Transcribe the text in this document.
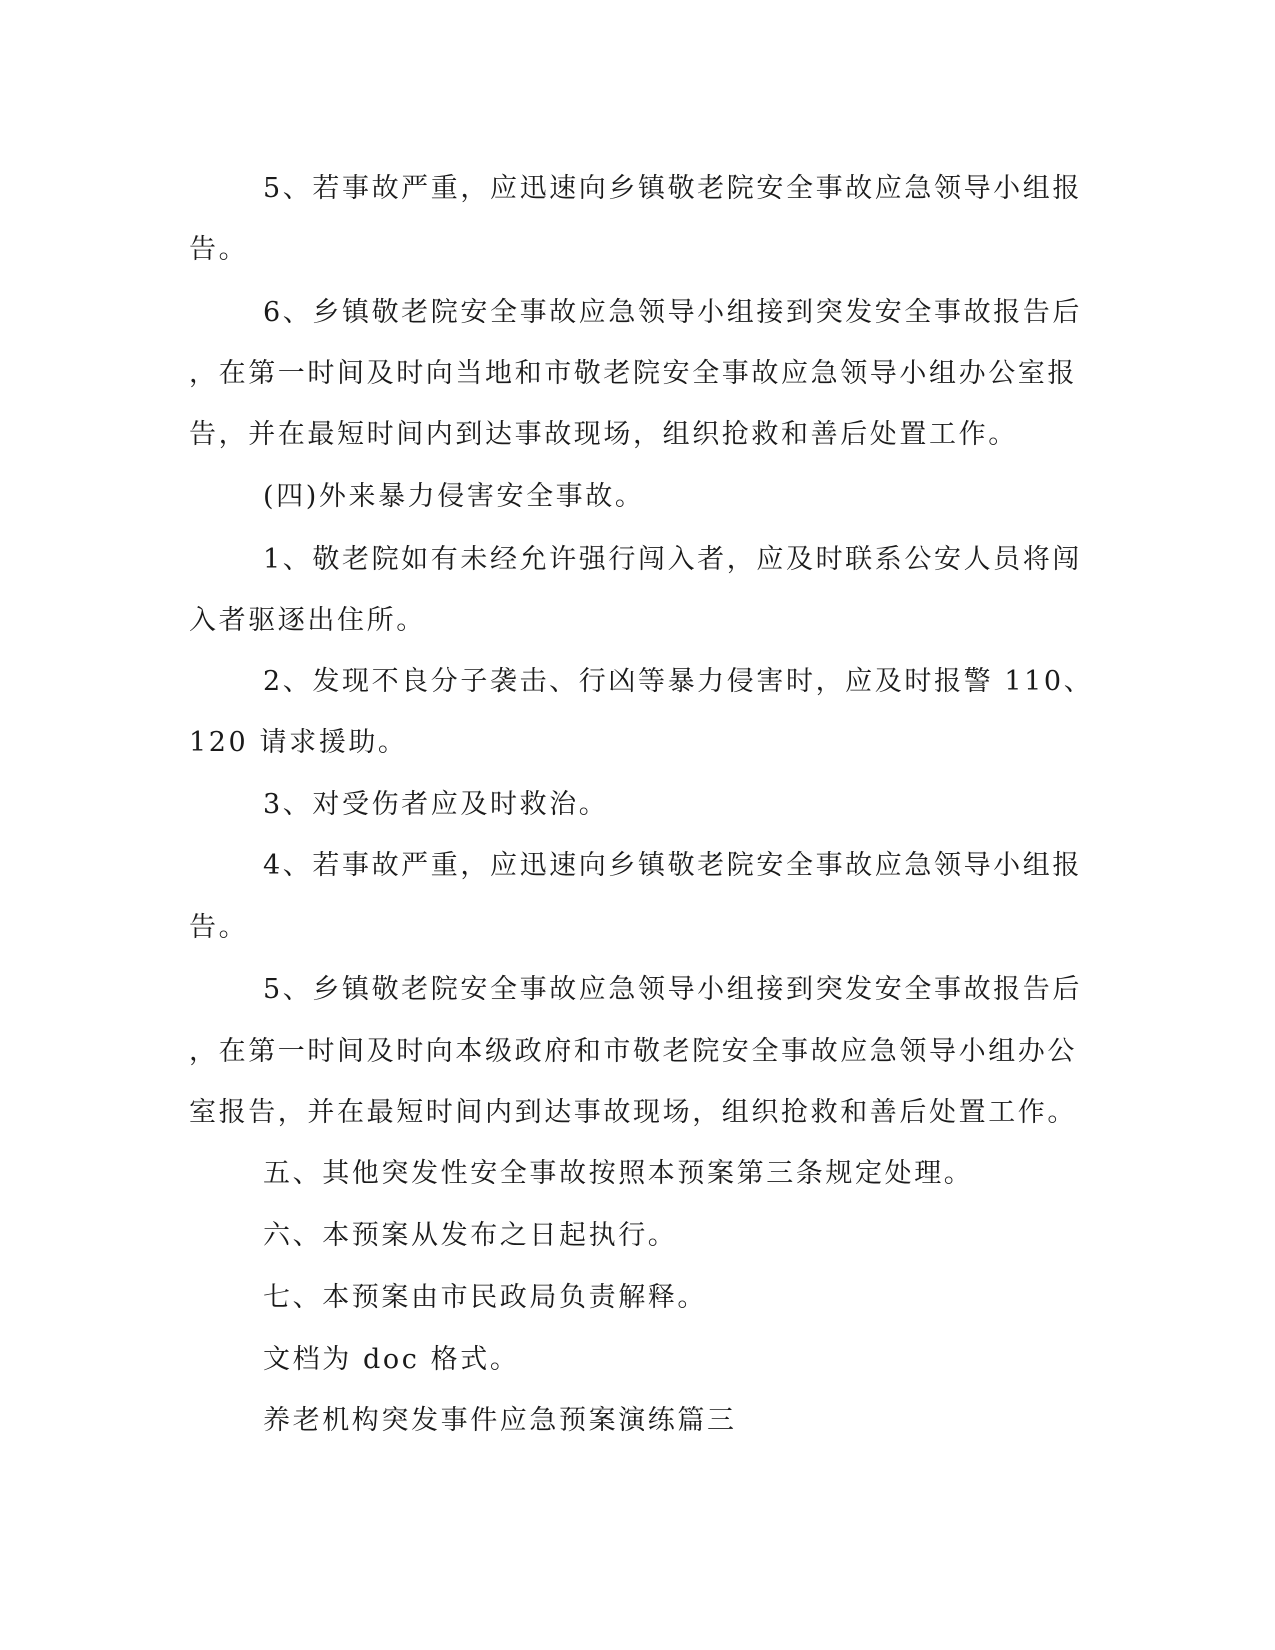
5、若事故严重，应迅速向乡镇敬老院安全事故应急领导小组报
告。
6、乡镇敬老院安全事故应急领导小组接到突发安全事故报告后
，在第一时间及时向当地和市敬老院安全事故应急领导小组办公室报
告，并在最短时间内到达事故现场，组织抢救和善后处置工作。
(四)外来暴力侵害安全事故。
1、敬老院如有未经允许强行闯入者，应及时联系公安人员将闯
入者驱逐出住所。
2、发现不良分子袭击、行凶等暴力侵害时，应及时报警 110、
120 请求援助。
3、对受伤者应及时救治。
4、若事故严重，应迅速向乡镇敬老院安全事故应急领导小组报
告。
5、乡镇敬老院安全事故应急领导小组接到突发安全事故报告后
，在第一时间及时向本级政府和市敬老院安全事故应急领导小组办公
室报告，并在最短时间内到达事故现场，组织抢救和善后处置工作。
五、其他突发性安全事故按照本预案第三条规定处理。
六、本预案从发布之日起执行。
七、本预案由市民政局负责解释。
文档为 doc 格式。
养老机构突发事件应急预案演练篇三
